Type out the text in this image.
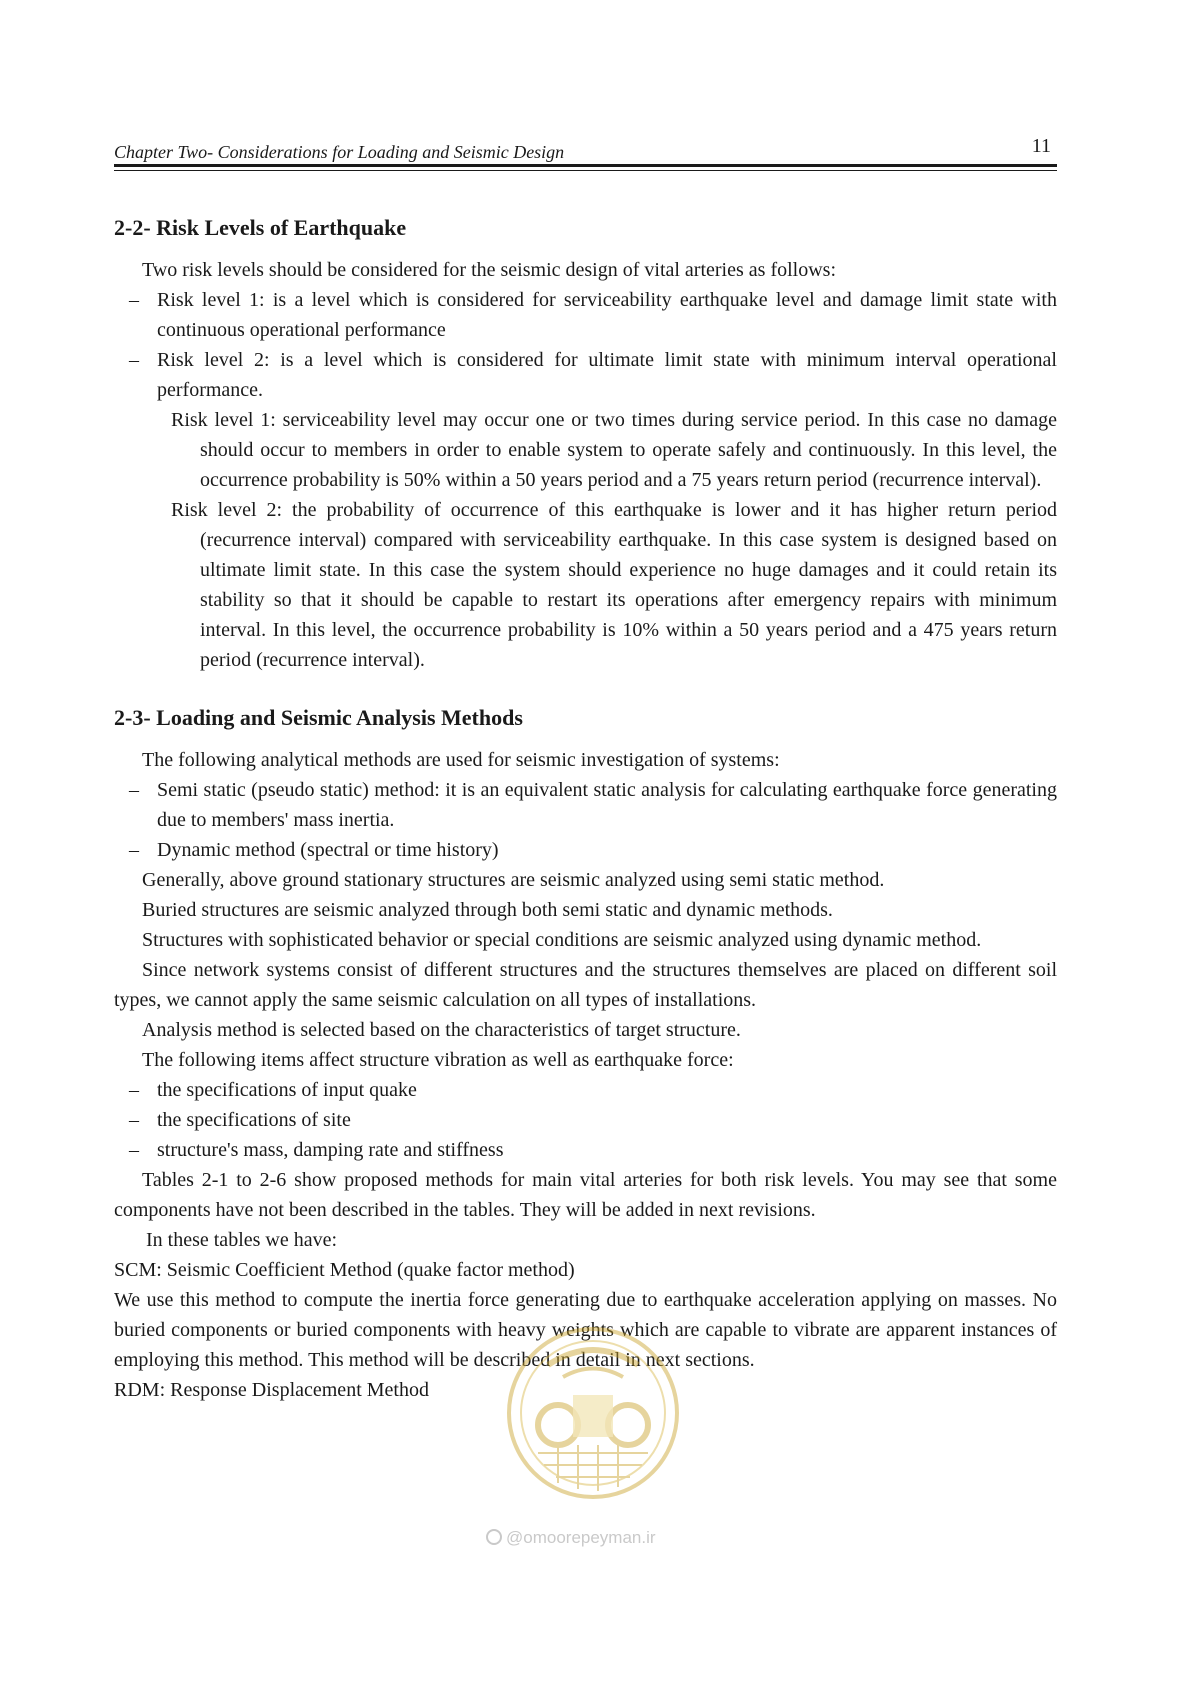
Chapter Two- Considerations for Loading and Seismic Design	11
2-2- Risk Levels of Earthquake

Two risk levels should be considered for the seismic design of vital arteries as follows:

– Risk level 1: is a level which is considered for serviceability earthquake level and damage limit state with continuous operational performance

– Risk level 2: is a level which is considered for ultimate limit state with minimum interval operational performance.

Risk level 1: serviceability level may occur one or two times during service period. In this case no damage should occur to members in order to enable system to operate safely and continuously. In this level, the occurrence probability is 50% within a 50 years period and a 75 years return period (recurrence interval).

Risk level 2: the probability of occurrence of this earthquake is lower and it has higher return period (recurrence interval) compared with serviceability earthquake. In this case system is designed based on ultimate limit state. In this case the system should experience no huge damages and it could retain its stability so that it should be capable to restart its operations after emergency repairs with minimum interval. In this level, the occurrence probability is 10% within a 50 years period and a 475 years return period (recurrence interval).

2-3- Loading and Seismic Analysis Methods

The following analytical methods are used for seismic investigation of systems:

– Semi static (pseudo static) method: it is an equivalent static analysis for calculating earthquake force generating due to members' mass inertia.

– Dynamic method (spectral or time history)

Generally, above ground stationary structures are seismic analyzed using semi static method.

Buried structures are seismic analyzed through both semi static and dynamic methods.

Structures with sophisticated behavior or special conditions are seismic analyzed using dynamic method.

Since network systems consist of different structures and the structures themselves are placed on different soil types, we cannot apply the same seismic calculation on all types of installations.

Analysis method is selected based on the characteristics of target structure.

The following items affect structure vibration as well as earthquake force:

– the specifications of input quake

– the specifications of site

– structure's mass, damping rate and stiffness

Tables 2-1 to 2-6 show proposed methods for main vital arteries for both risk levels. You may see that some components have not been described in the tables. They will be added in next revisions.

In these tables we have:

SCM: Seismic Coefficient Method (quake factor method)

We use this method to compute the inertia force generating due to earthquake acceleration applying on masses. No buried components or buried components with heavy weights which are capable to vibrate are apparent instances of employing this method. This method will be described in detail in next sections.

RDM: Response Displacement Method

@omoorepeyman.ir
